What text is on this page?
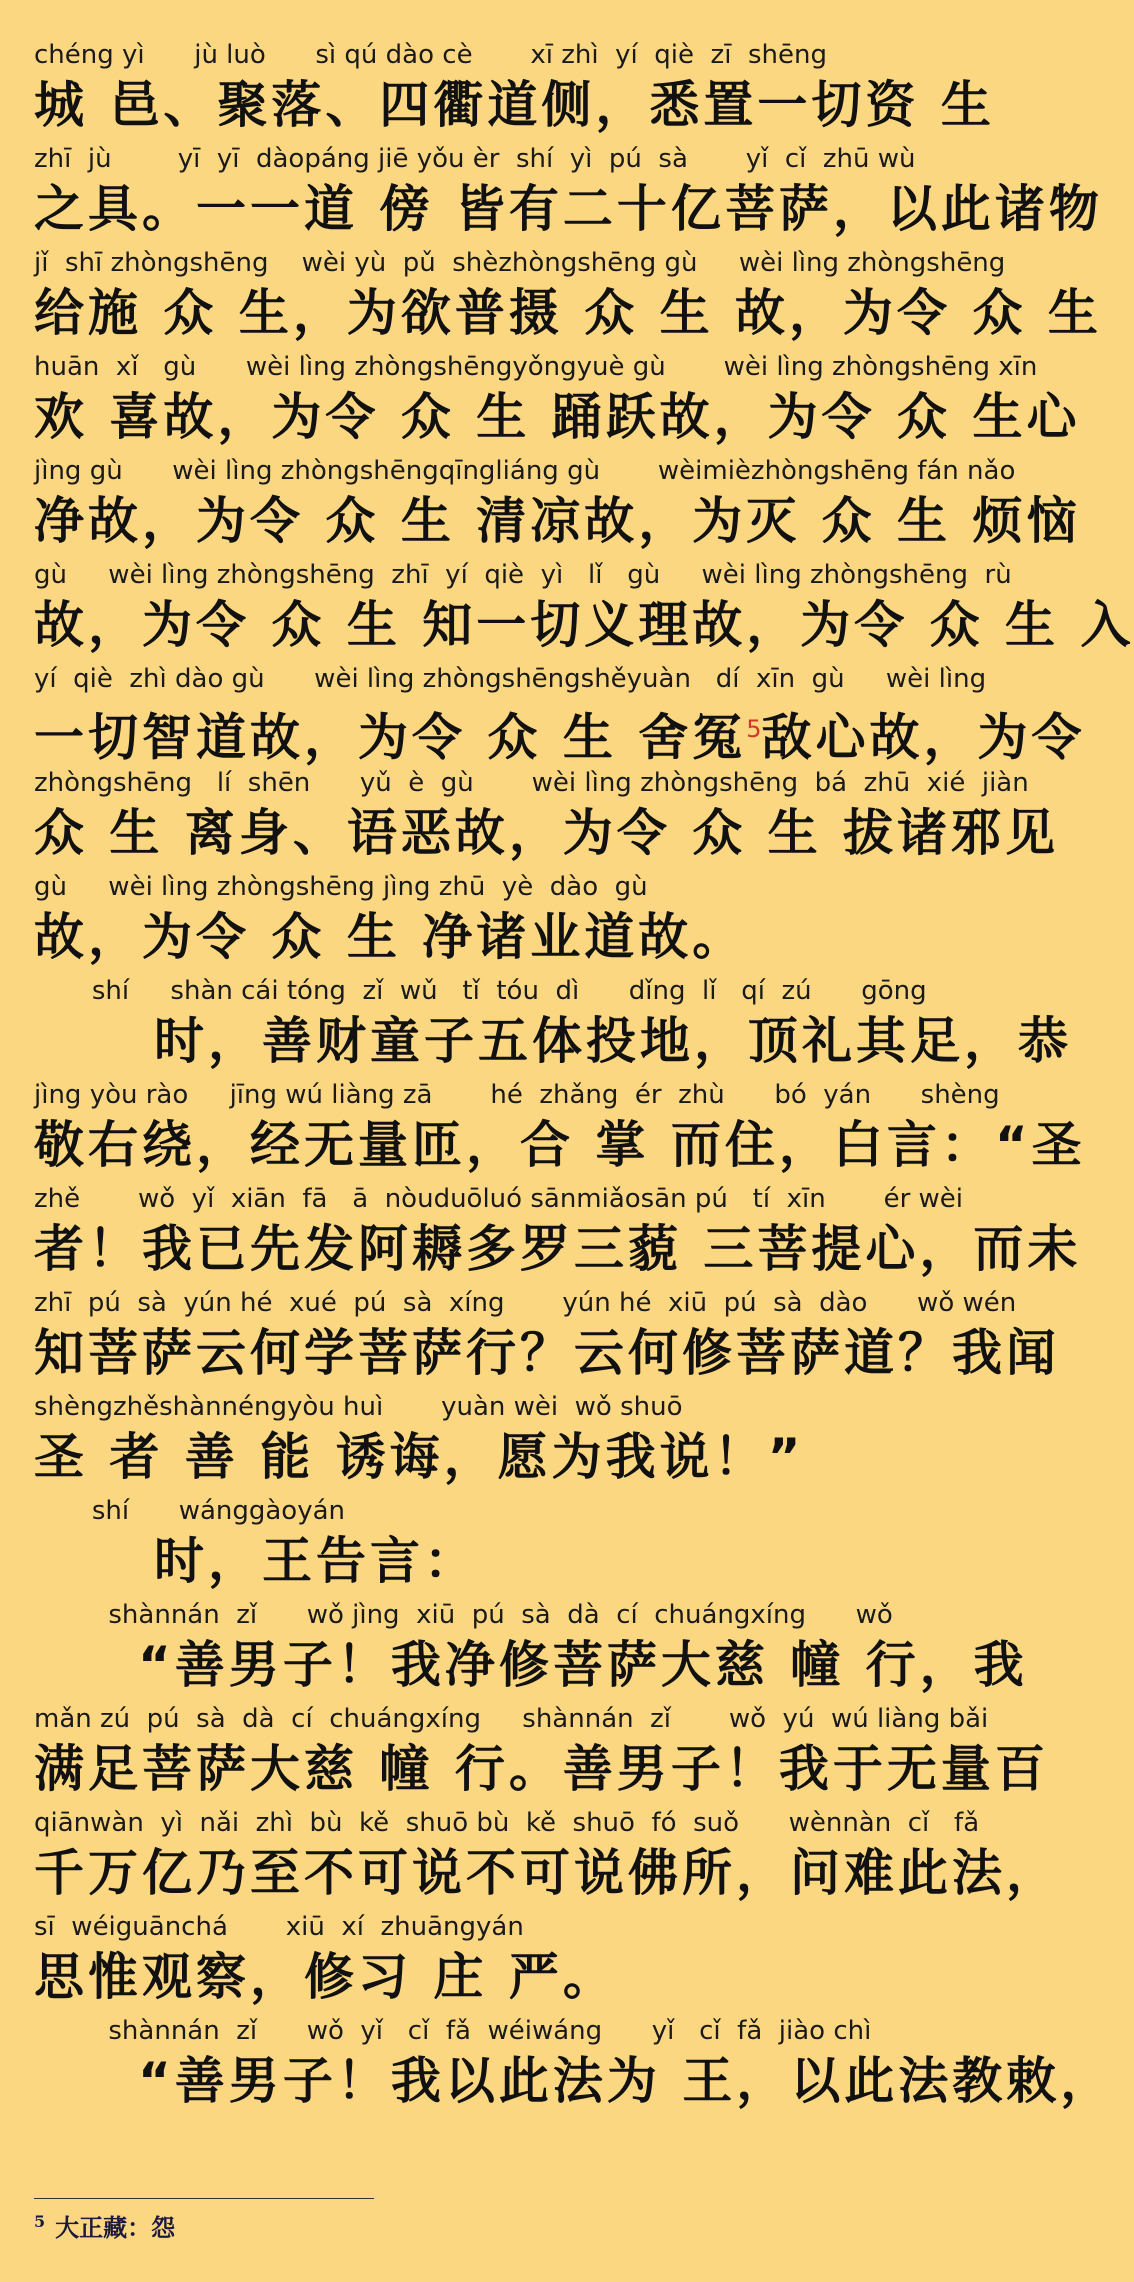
chéng yì      jù luò      sì qú dào cè       xī zhì  yí  qiè  zī  shēng
城 邑、聚落、四衢道侧，悉置一切资 生
zhī  jù        yī  yī  dàopáng jiē yǒu èr  shí  yì  pú  sà       yǐ  cǐ  zhū wù
之具。一一道 傍 皆有二十亿菩萨，以此诸物
jǐ  shī zhòngshēng    wèi yù  pǔ  shèzhòngshēng gù     wèi lìng zhòngshēng
给施 众 生，为欲普摄 众 生 故，为令 众 生
huān  xǐ   gù      wèi lìng zhòngshēngyǒngyuè gù       wèi lìng zhòngshēng xīn
欢 喜故，为令 众 生 踊跃故，为令 众 生心
jìng gù      wèi lìng zhòngshēngqīngliáng gù       wèimièzhòngshēng fán nǎo
净故，为令 众 生 清凉故，为灭 众 生 烦恼
gù     wèi lìng zhòngshēng  zhī  yí  qiè  yì   lǐ   gù     wèi lìng zhòngshēng  rù
故，为令 众 生 知一切义理故，为令 众 生 入
yí  qiè  zhì dào gù      wèi lìng zhòngshēngshěyuàn   dí  xīn  gù     wèi lìng
一切智道故，为令 众 生 舍冤$^5$敌心故，为令
zhòngshēng   lí  shēn      yǔ  è  gù       wèi lìng zhòngshēng  bá  zhū  xié  jiàn
众 生 离身、语恶故，为令 众 生 拔诸邪见
gù     wèi lìng zhòngshēng jìng zhū  yè  dào  gù
故，为令 众 生 净诸业道故。
shí     shàn cái tóng  zǐ  wǔ   tǐ  tóu  dì      dǐng  lǐ   qí  zú      gōng
时，善财童子五体投地，顶礼其足，恭
jìng yòu rào     jīng wú liàng zā       hé  zhǎng  ér  zhù      bó  yán      shèng
敬右绕，经无量匝，合 掌 而住，白言：“圣
zhě       wǒ  yǐ  xiān  fā   ā  nòuduōluó sānmiǎosān pú   tí  xīn       ér wèi
者！我已先发阿耨多罗三藐 三菩提心，而未
zhī  pú  sà  yún hé  xué  pú  sà  xíng       yún hé  xiū  pú  sà  dào      wǒ wén
知菩萨云何学菩萨行？云何修菩萨道？我闻
shèngzhěshànnéngyòu huì       yuàn wèi  wǒ shuō
圣 者 善 能 诱诲，愿为我说！”
shí      wánggàoyán
时，王告言：
shànnán  zǐ      wǒ jìng  xiū  pú  sà  dà  cí  chuángxíng      wǒ
“善男子！我净修菩萨大慈 幢 行，我
mǎn zú  pú  sà  dà  cí  chuángxíng     shànnán  zǐ       wǒ  yú  wú liàng bǎi
满足菩萨大慈 幢 行。善男子！我于无量百
qiānwàn  yì  nǎi  zhì  bù  kě  shuō bù  kě  shuō  fó  suǒ      wènnàn  cǐ   fǎ
千万亿乃至不可说不可说佛所，问难此法，
sī  wéiguānchá       xiū  xí  zhuāngyán
思惟观察，修习 庄 严。
shànnán  zǐ      wǒ  yǐ   cǐ  fǎ  wéiwáng      yǐ   cǐ  fǎ  jiào chì
“善男子！我以此法为 王，以此法教敕，
$^5$ 大正藏：怨
